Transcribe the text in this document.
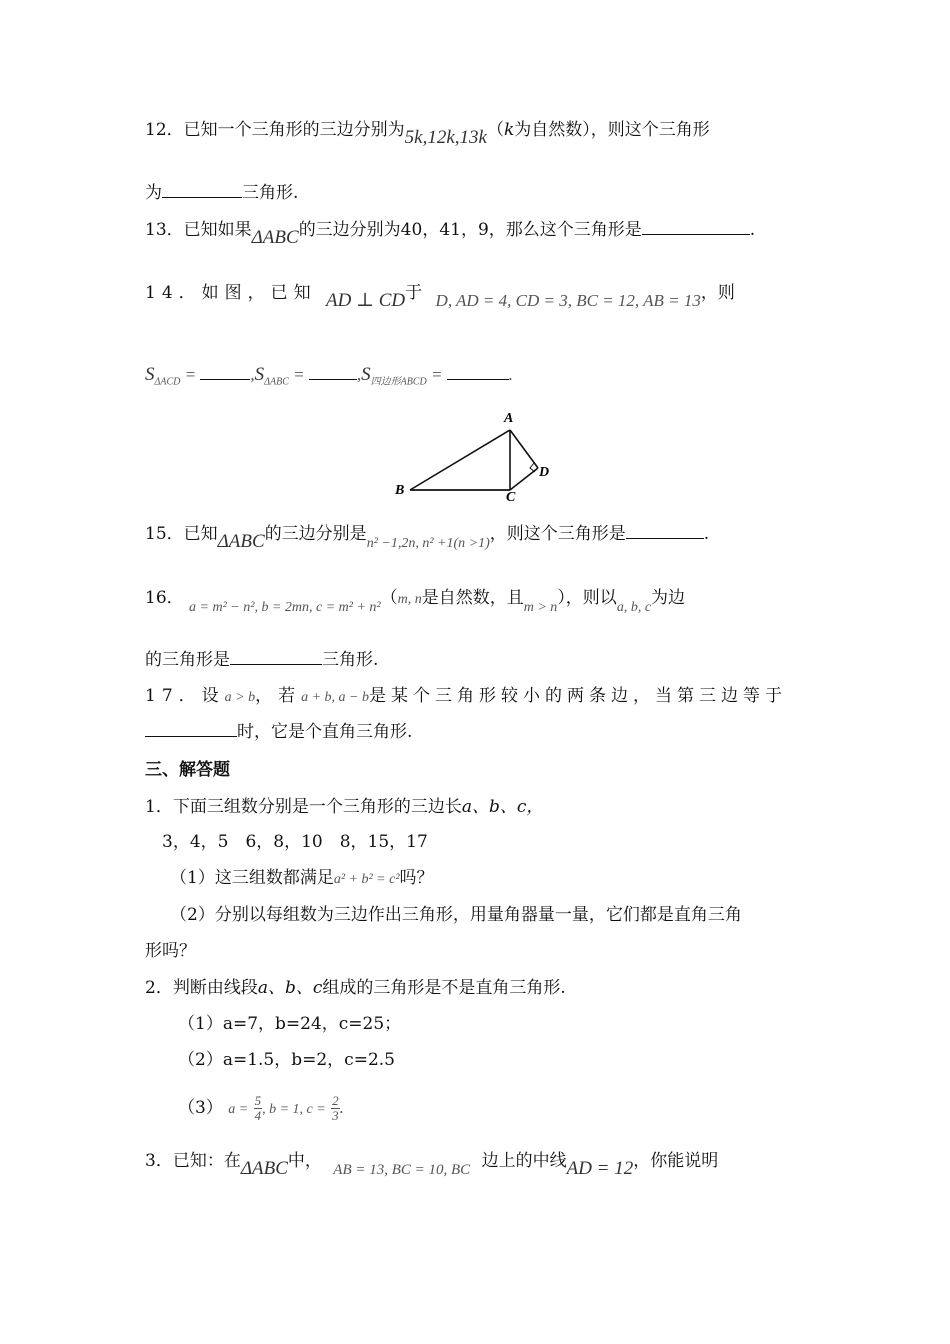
12．已知一个三角形的三边分别为5k,12k,13k（k为自然数），则这个三角形
为	三角形.
13．已知如果ΔABC的三边分别为40，41，9，那么这个三角形是	.
14．如图，已知 AD ⊥ CD于 D, AD = 4, CD = 3, BC = 12, AB = 13，则
$S_{\Delta ACD}$ =	$,S_{\Delta ABC}$ =	$,S_{四边形ABCD}$ =	.
A
B	C
D
15．已知ΔABC的三边分别是$_{n^2 -1,2n, n^2 +1(n >1)}$，则这个三角形是	.
16． $_{a = m^2 - n^2, b = 2mn, c = m^2 + n^2}$（m, n是自然数，且$_{m > n}$），则以$_{a, b, c}$为边
的三角形是	三角形.
17．设a > b，若a + b, a − b是某个三角形较小的两条边，当第三边等于
时，它是个直角三角形.
三、解答题
1．下面三组数分别是一个三角形的三边长a、b、c，
3，4，5　6，8，10　8，15，17
（1）这三组数都满足a² + b² = c²吗？
（2）分别以每组数为三边作出三角形，用量角器量一量，它们都是直角三角
形吗？
2．判断由线段a、b、c组成的三角形是不是直角三角形.
（1）a=7，b=24，c=25；
（2）a=1.5，b=2，c=2.5
（3） $a = \frac{5}{4}$ , b = 1, $c = \frac{2}{3}$ .
3．已知：在ΔABC中， AB = 13, BC = 10, BC 边上的中线AD = 12，你能说明
